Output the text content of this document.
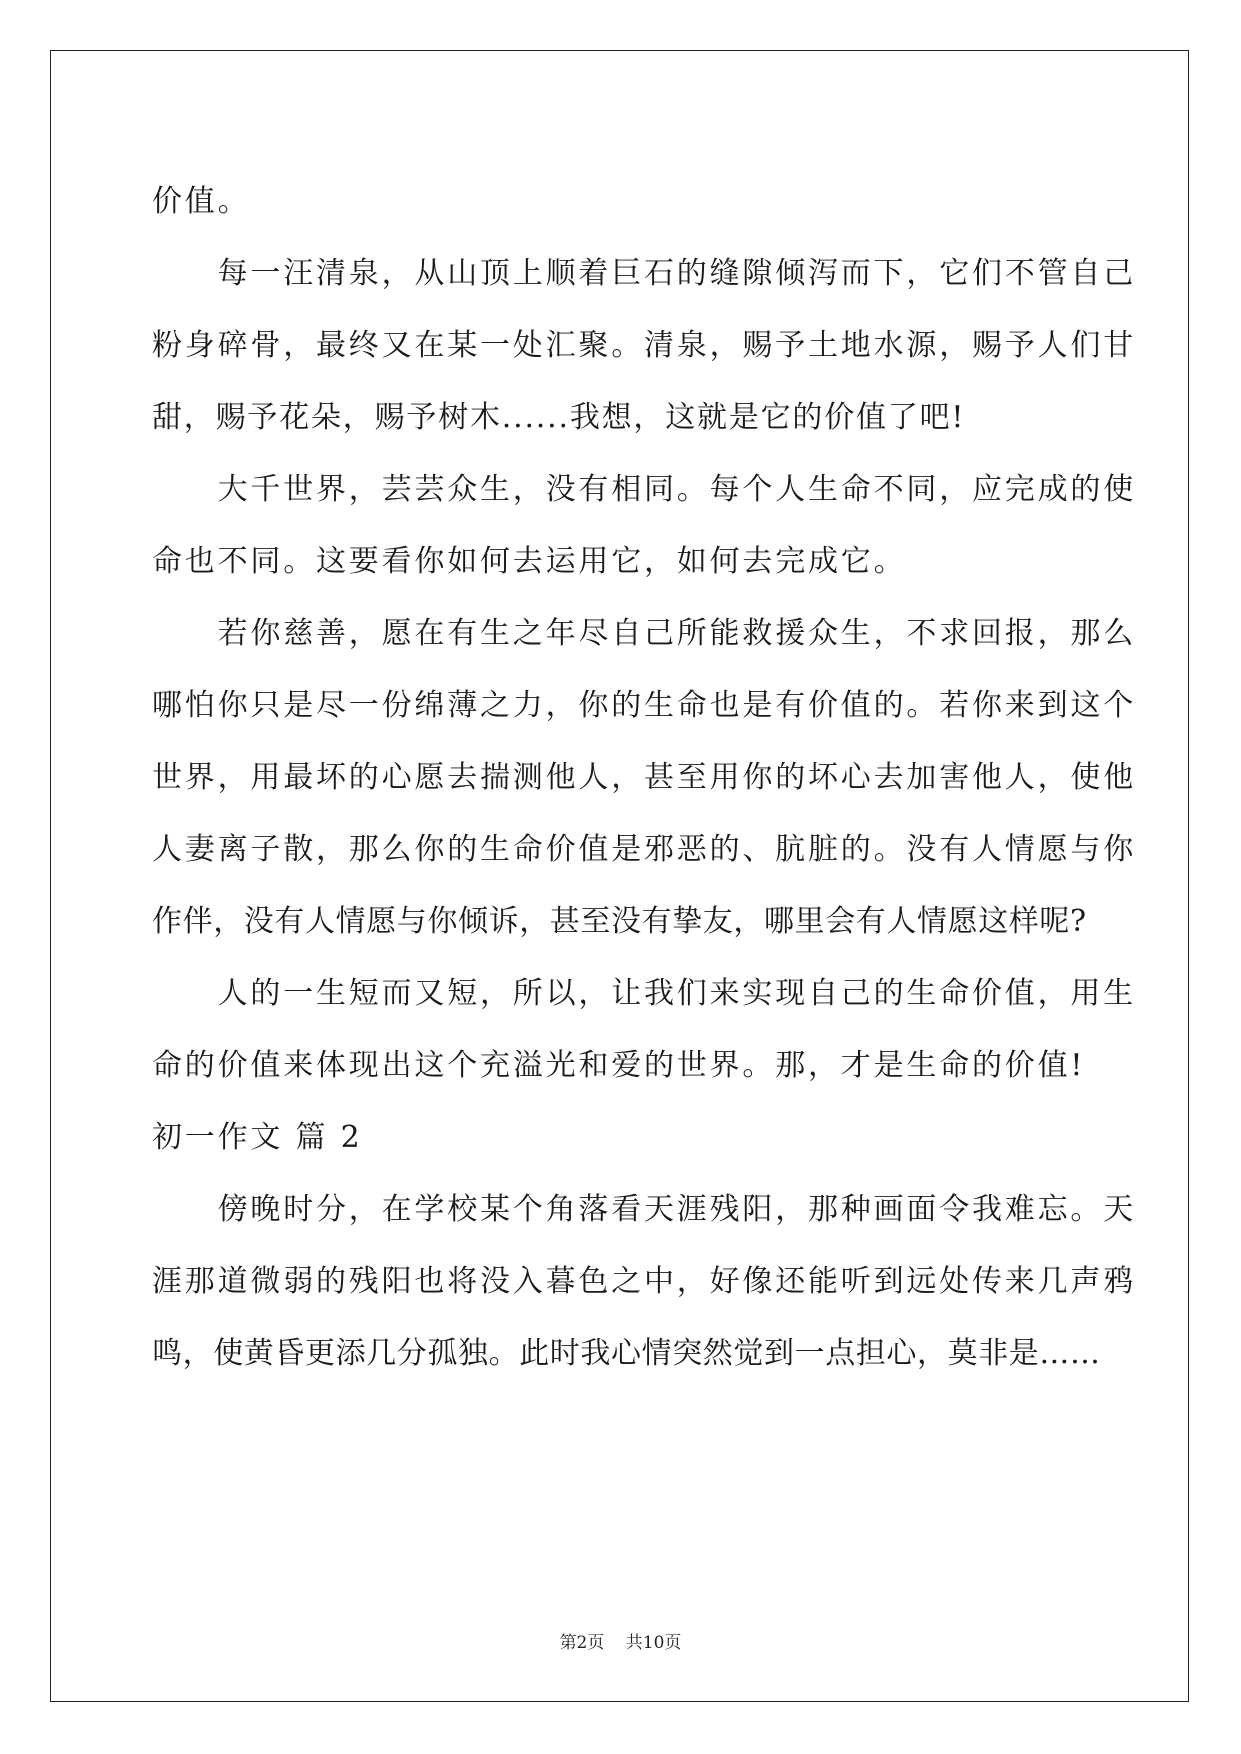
价值。
　　每一汪清泉，从山顶上顺着巨石的缝隙倾泻而下，它们不管自己
粉身碎骨，最终又在某一处汇聚。清泉，赐予土地水源，赐予人们甘
甜，赐予花朵，赐予树木......我想，这就是它的价值了吧!
　　大千世界，芸芸众生，没有相同。每个人生命不同，应完成的使
命也不同。这要看你如何去运用它，如何去完成它。
　　若你慈善，愿在有生之年尽自己所能救援众生，不求回报，那么
哪怕你只是尽一份绵薄之力，你的生命也是有价值的。若你来到这个
世界，用最坏的心愿去揣测他人，甚至用你的坏心去加害他人，使他
人妻离子散，那么你的生命价值是邪恶的、肮脏的。没有人情愿与你
作伴，没有人情愿与你倾诉，甚至没有挚友，哪里会有人情愿这样呢?
　　人的一生短而又短，所以，让我们来实现自己的生命价值，用生
命的价值来体现出这个充溢光和爱的世界。那，才是生命的价值!
初一作文 篇 2
　　傍晚时分，在学校某个角落看天涯残阳，那种画面令我难忘。天
涯那道微弱的残阳也将没入暮色之中，好像还能听到远处传来几声鸦
鸣，使黄昏更添几分孤独。此时我心情突然觉到一点担心，莫非是……
第2页 共10页
